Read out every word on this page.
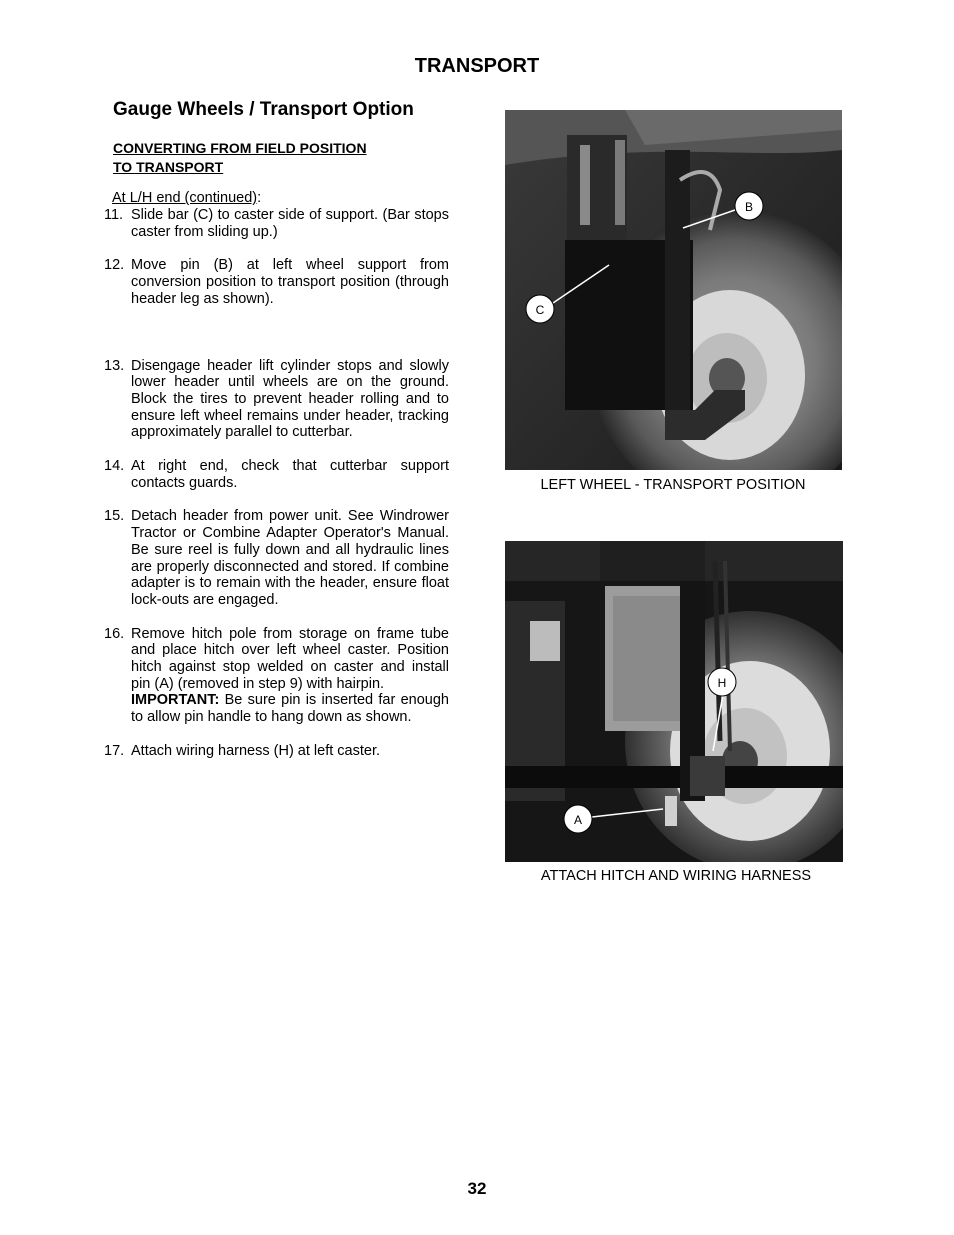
TRANSPORT
Gauge Wheels / Transport Option
CONVERTING FROM FIELD POSITION
TO TRANSPORT
At L/H end (continued):
11. Slide bar (C) to caster side of support. (Bar stops caster from sliding up.)
12. Move pin (B) at left wheel support from conversion position to transport position (through header leg as shown).
13. Disengage header lift cylinder stops and slowly lower header until wheels are on the ground. Block the tires to prevent header rolling and to ensure left wheel remains under header, tracking approximately parallel to cutterbar.
14. At right end, check that cutterbar support contacts guards.
15. Detach header from power unit. See Windrower Tractor or Combine Adapter Operator's Manual. Be sure reel is fully down and all hydraulic lines are properly disconnected and stored. If combine adapter is to remain with the header, ensure float lock-outs are engaged.
16. Remove hitch pole from storage on frame tube and place hitch over left wheel caster. Position hitch against stop welded on caster and install pin (A) (removed in step 9) with hairpin.
IMPORTANT: Be sure pin is inserted far enough to allow pin handle to hang down as shown.
17. Attach wiring harness (H) at left caster.
B
C
LEFT WHEEL - TRANSPORT POSITION
H
A
ATTACH HITCH AND WIRING HARNESS
32
